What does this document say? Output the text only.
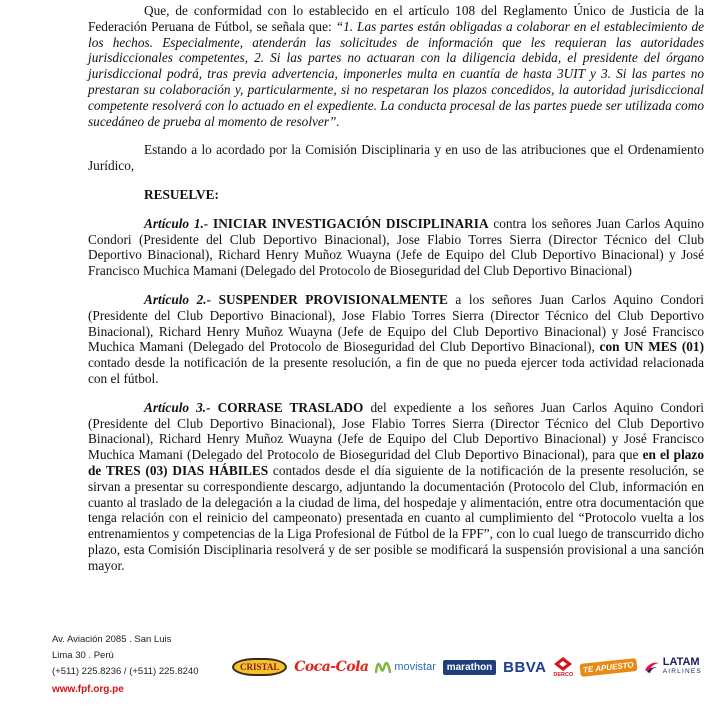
Que, de conformidad con lo establecido en el artículo 108 del Reglamento Único de Justicia de la Federación Peruana de Fútbol, se señala que: “1. Las partes están obligadas a colaborar en el establecimiento de los hechos. Especialmente, atenderán las solicitudes de información que les requieran las autoridades jurisdiccionales competentes, 2. Si las partes no actuaran con la diligencia debida, el presidente del órgano jurisdiccional podrá, tras previa advertencia, imponerles multa en cuantía de hasta 3UIT y 3. Si las partes no prestaran su colaboración y, particularmente, si no respetaran los plazos concedidos, la autoridad jurisdiccional competente resolverá con lo actuado en el expediente. La conducta procesal de las partes puede ser utilizada como sucedáneo de prueba al momento de resolver”.

Estando a lo acordado por la Comisión Disciplinaria y en uso de las atribuciones que el Ordenamiento Jurídico,

RESUELVE:

Artículo 1.- INICIAR INVESTIGACIÓN DISCIPLINARIA contra los señores Juan Carlos Aquino Condori (Presidente del Club Deportivo Binacional), Jose Flabio Torres Sierra (Director Técnico del Club Deportivo Binacional), Richard Henry Muñoz Wuayna (Jefe de Equipo del Club Deportivo Binacional) y José Francisco Muchica Mamani (Delegado del Protocolo de Bioseguridad del Club Deportivo Binacional)

Artículo 2.- SUSPENDER PROVISIONALMENTE a los señores Juan Carlos Aquino Condori (Presidente del Club Deportivo Binacional), Jose Flabio Torres Sierra (Director Técnico del Club Deportivo Binacional), Richard Henry Muñoz Wuayna (Jefe de Equipo del Club Deportivo Binacional) y José Francisco Muchica Mamani (Delegado del Protocolo de Bioseguridad del Club Deportivo Binacional), con UN MES (01) contado desde la notificación de la presente resolución, a fin de que no pueda ejercer toda actividad relacionada con el fútbol.

Artículo 3.- CORRASE TRASLADO del expediente a los señores Juan Carlos Aquino Condori (Presidente del Club Deportivo Binacional), Jose Flabio Torres Sierra (Director Técnico del Club Deportivo Binacional), Richard Henry Muñoz Wuayna (Jefe de Equipo del Club Deportivo Binacional) y José Francisco Muchica Mamani (Delegado del Protocolo de Bioseguridad del Club Deportivo Binacional), para que en el plazo de TRES (03) DIAS HÁBILES contados desde el día siguiente de la notificación de la presente resolución, se sirvan a presentar su correspondiente descargo, adjuntando la documentación (Protocolo del Club, información en cuanto al traslado de la delegación a la ciudad de lima, del hospedaje y alimentación, entre otra documentación que tenga relación con el reinicio del campeonato) presentada en cuanto al cumplimiento del “Protocolo vuelta a los entrenamientos y competencias de la Liga Profesional de Fútbol de la FPF”, con lo cual luego de transcurrido dicho plazo, esta Comisión Disciplinaria resolverá y de ser posible se modificará la suspensión provisional a una sanción mayor.

Av. Aviación 2085 . San Luis
Lima 30 . Perú
(+511) 225.8236 / (+511) 225.8240
www.fpf.org.pe
CRISTAL	Coca-Cola movistar	marathon BBVA DERCO
TE APUESTO	LATAM
AIRLINES
